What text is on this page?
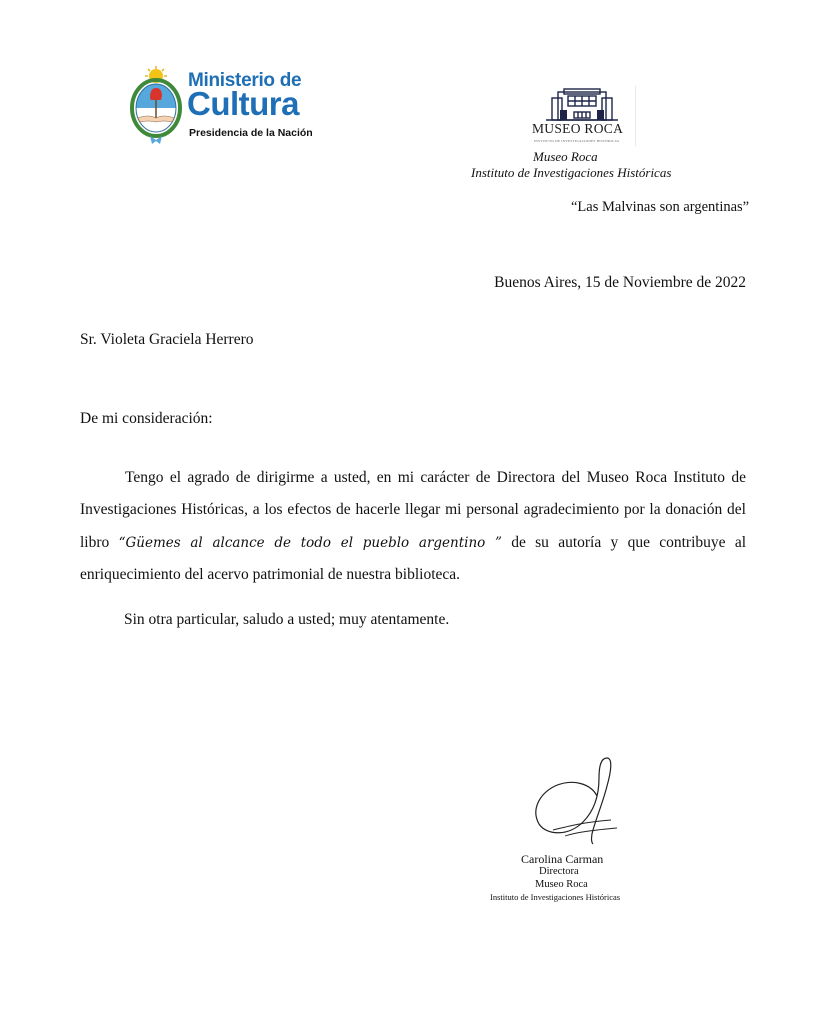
Ministerio de
Cultura
Presidencia de la Nación	MUSEO ROCA
INSTITUTO DE INVESTIGACIONES HISTÓRICAS
Museo Roca
Instituto de Investigaciones Históricas
“Las Malvinas son argentinas”
Buenos Aires, 15 de Noviembre de 2022
Sr. Violeta Graciela Herrero
De mi consideración:
Tengo el agrado de dirigirme a usted, en mi carácter de Directora del Museo Roca Instituto de Investigaciones Históricas, a los efectos de hacerle llegar mi personal agradecimiento por la donación del libro “Güemes al alcance de todo el pueblo argentino ” de su autoría y que contribuye al enriquecimiento del acervo patrimonial de nuestra biblioteca.
Sin otra particular, saludo a usted; muy atentamente.
Carolina Carman
Directora
Museo Roca
Instituto de Investigaciones Históricas
